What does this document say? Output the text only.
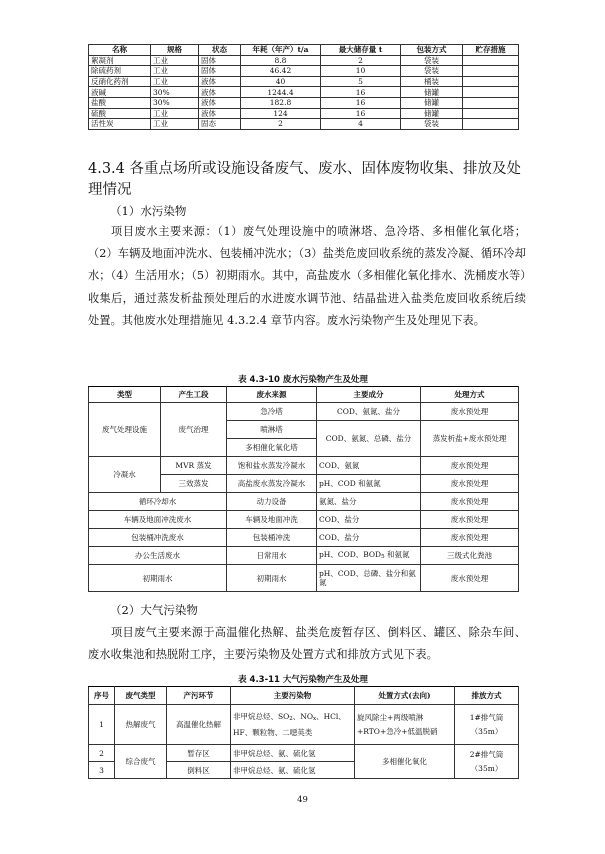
名称	规格	状态	年耗（年产）t/a	最大储存量 t	包装方式	贮存措施
絮凝剂	工业	固体	8.8	2	袋装	
除硫药剂	工业	固体	46.42	10	袋装	
反硝化药剂	工业	液体	40	5	桶装	
液碱	30%	液体	1244.4	16	储罐	
盐酸	30%	液体	182.8	16	储罐	
硫酸	工业	液体	124	16	储罐	
活性炭	工业	固态	2	4	袋装	
4.3.4 各重点场所或设施设备废气、废水、固体废物收集、排放及处理情况
（1）水污染物
项目废水主要来源：（1）废气处理设施中的喷淋塔、急冷塔、多相催化氧化塔；（2）车辆及地面冲洗水、包装桶冲洗水；（3）盐类危废回收系统的蒸发冷凝、循环冷却水；（4）生活用水；（5）初期雨水。其中，高盐废水（多相催化氧化排水、洗桶废水等）收集后，通过蒸发析盐预处理后的水进废水调节池、结晶盐进入盐类危废回收系统后续处置。其他废水处理措施见 4.3.2.4 章节内容。废水污染物产生及处理见下表。
表 4.3-10 废水污染物产生及处理
类型	产生工段	废水来源	主要成分	处理方式
废气处理设施	废气治理	急冷塔	COD、氨氮、盐分	废水预处理
		喷淋塔	COD、氨氮、总磷、盐分	蒸发析盐+废水预处理
		多相催化氧化塔		
冷凝水	MVR 蒸发	饱和盐水蒸发冷凝水	COD、氨氮	废水预处理
	三效蒸发	高盐废水蒸发冷凝水	pH、COD 和氨氮	废水预处理
循环冷却水		动力设备	氨氮、盐分	废水预处理
车辆及地面冲洗废水		车辆及地面冲洗	COD、盐分	废水预处理
包装桶冲洗废水		包装桶冲洗	COD、盐分	废水预处理
办公生活废水		日常用水	pH、COD、$BOD_5$ 和氨氮	三级式化粪池
初期雨水		初期雨水	pH、COD、总磷、盐分和氨氮	废水预处理
（2）大气污染物
项目废气主要来源于高温催化热解、盐类危废暂存区、倒料区、罐区、除杂车间、废水收集池和热脱附工序，主要污染物及处置方式和排放方式见下表。
表 4.3-11 大气污染物产生及处理
序号	废气类型	产污环节	主要污染物	处置方式(去向)	排放方式
1	热解废气	高温催化热解	非甲烷总烃、$SO_2$、$NO_x$、HCl、HF、颗粒物、二噁英类	旋风除尘+两级喷淋+RTO+急冷+低温脱硝	1#排气筒（35m）
2	综合废气	暂存区	非甲烷总烃、氨、硫化氢	多相催化氧化	2#排气筒（35m）
3		倒料区	非甲烷总烃、氨、硫化氢		
49
